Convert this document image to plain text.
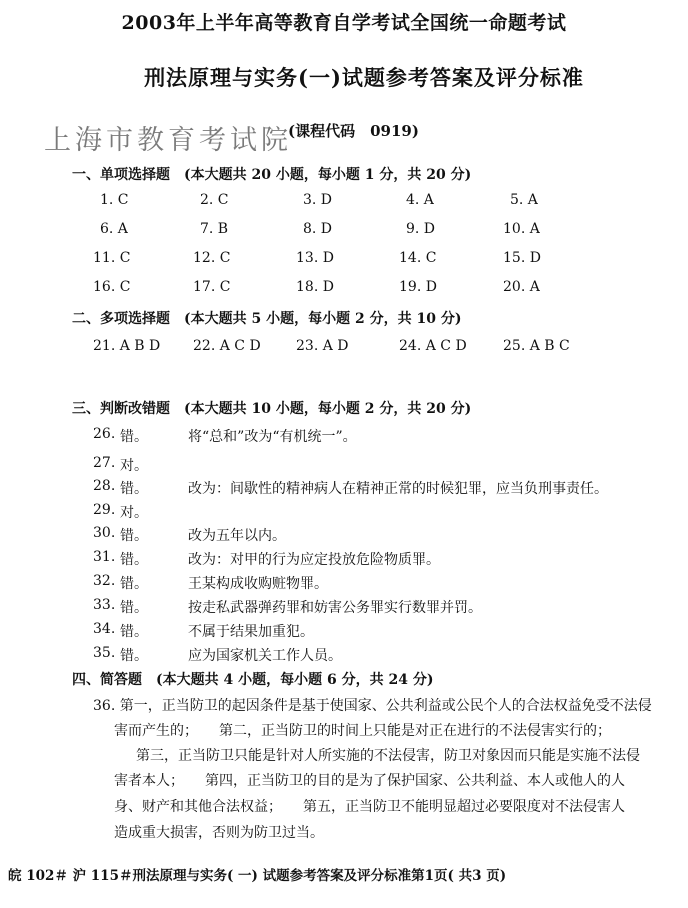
2003年上半年高等教育自学考试全国统一命题考试
刑法原理与实务(一)试题参考答案及评分标准
上海市教育考试院
(课程代码　0919)
一、单项选择题　(本大题共 20 小题，每小题 1 分，共 20 分)
1. C	2. C	3. D	4. A	5. A
6. A	7. B	8. D	9. D	10. A
11. C	12. C	13. D	14. C	15. D
16. C	17. C	18. D	19. D	20. A
二、多项选择题　(本大题共 5 小题，每小题 2 分，共 10 分)
21. A B D 22. A C D	23. A D	24. A C D	25. A B C
三、判断改错题　(本大题共 10 小题，每小题 2 分，共 20 分)
26. 错。	将“总和”改为“有机统一”。
27. 对。
28. 错。	改为：间歇性的精神病人在精神正常的时候犯罪，应当负刑事责任。
29. 对。
30. 错。	改为五年以内。
31. 错。	改为：对甲的行为应定投放危险物质罪。
32. 错。	王某构成收购赃物罪。
33. 错。	按走私武器弹药罪和妨害公务罪实行数罪并罚。
34. 错。	不属于结果加重犯。
35. 错。	应为国家机关工作人员。
四、简答题　(本大题共 4 小题，每小题 6 分，共 24 分)
36. 第一，正当防卫的起因条件是基于使国家、公共利益或公民个人的合法权益免受不法侵
害而产生的；　　第二，正当防卫的时间上只能是对正在进行的不法侵害实行的；
第三，正当防卫只能是针对人所实施的不法侵害，防卫对象因而只能是实施不法侵
害者本人；　　第四，正当防卫的目的是为了保护国家、公共利益、本人或他人的人
身、财产和其他合法权益；　　第五，正当防卫不能明显超过必要限度对不法侵害人
造成重大损害，否则为防卫过当。
皖 102＃ 沪 115＃刑法原理与实务( 一) 试题参考答案及评分标准第1页( 共3 页)
